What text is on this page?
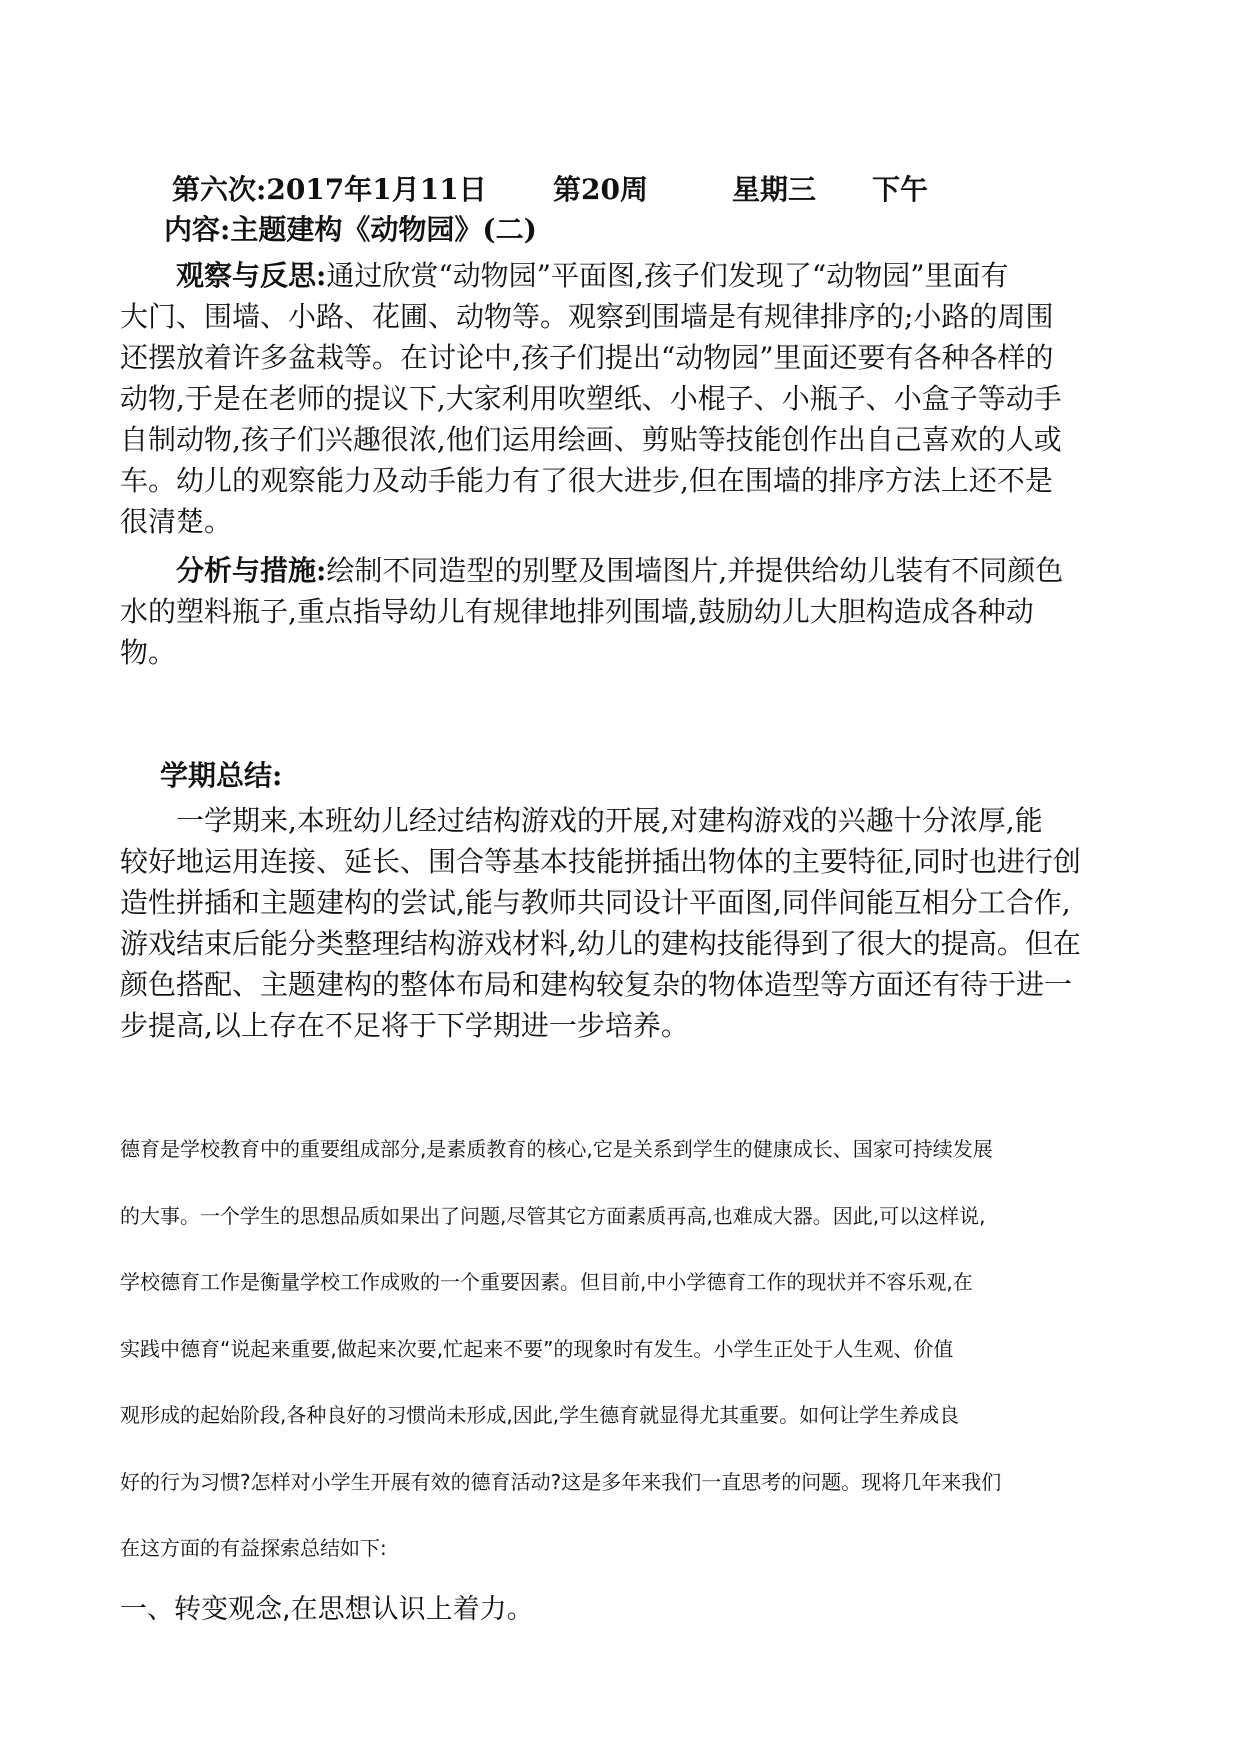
第六次:2017年1月11日 第20周	星期三 下午
内容:主题建构《动物园》(二)
观察与反思:通过欣赏“动物园”平面图,孩子们发现了“动物园”里面有
大门、围墙、小路、花圃、动物等。观察到围墙是有规律排序的;小路的周围
还摆放着许多盆栽等。在讨论中,孩子们提出“动物园”里面还要有各种各样的
动物,于是在老师的提议下,大家利用吹塑纸、小棍子、小瓶子、小盒子等动手
自制动物,孩子们兴趣很浓,他们运用绘画、剪贴等技能创作出自己喜欢的人或
车。幼儿的观察能力及动手能力有了很大进步,但在围墙的排序方法上还不是
很清楚。
分析与措施:绘制不同造型的别墅及围墙图片,并提供给幼儿装有不同颜色
水的塑料瓶子,重点指导幼儿有规律地排列围墙,鼓励幼儿大胆构造成各种动
物。
学期总结:
一学期来,本班幼儿经过结构游戏的开展,对建构游戏的兴趣十分浓厚,能
较好地运用连接、延长、围合等基本技能拼插出物体的主要特征,同时也进行创
造性拼插和主题建构的尝试,能与教师共同设计平面图,同伴间能互相分工合作,
游戏结束后能分类整理结构游戏材料,幼儿的建构技能得到了很大的提高。但在
颜色搭配、主题建构的整体布局和建构较复杂的物体造型等方面还有待于进一
步提高,以上存在不足将于下学期进一步培养。
德育是学校教育中的重要组成部分,是素质教育的核心,它是关系到学生的健康成长、国家可持续发展
的大事。一个学生的思想品质如果出了问题,尽管其它方面素质再高,也难成大器。因此,可以这样说,
学校德育工作是衡量学校工作成败的一个重要因素。但目前,中小学德育工作的现状并不容乐观,在
实践中德育“说起来重要,做起来次要,忙起来不要”的现象时有发生。小学生正处于人生观、价值
观形成的起始阶段,各种良好的习惯尚未形成,因此,学生德育就显得尤其重要。如何让学生养成良
好的行为习惯?怎样对小学生开展有效的德育活动?这是多年来我们一直思考的问题。现将几年来我们
在这方面的有益探索总结如下:
一、转变观念,在思想认识上着力。
